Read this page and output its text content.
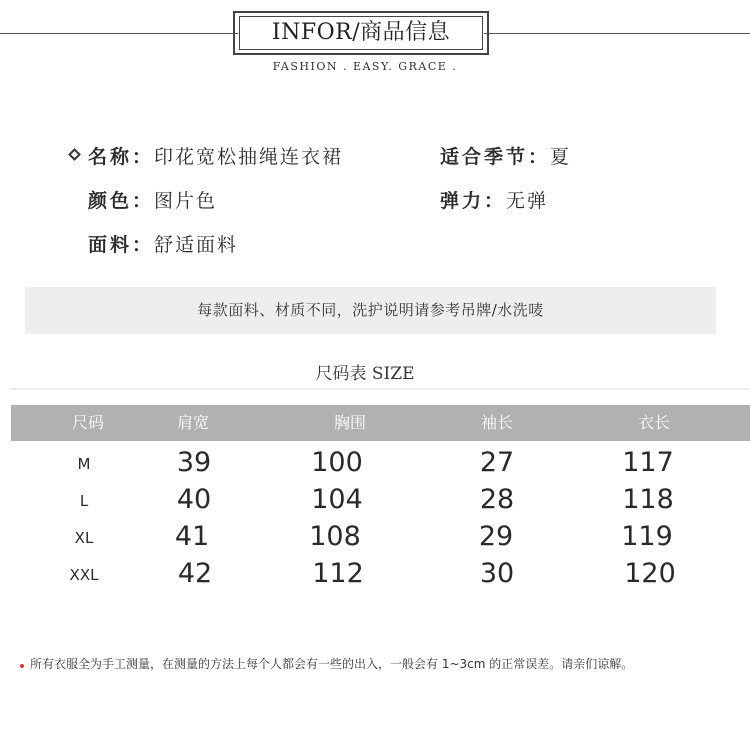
INFOR/商品信息
FASHION . EASY. GRACE .
名称：印花宽松抽绳连衣裙	适合季节：夏
颜色：图片色	弹力：无弹
面料：舒适面料
每款面料、材质不同，洗护说明请参考吊牌/水洗唛
尺码表 SIZE
尺码	肩宽	胸围	袖长	衣长
M	39	100	27	117
L	40	104	28	118
XL	41	108	29	119
XXL	42	112	30	120
所有衣服全为手工测量，在测量的方法上每个人都会有一些的出入，一般会有 1~3cm 的正常误差。请亲们谅解。
